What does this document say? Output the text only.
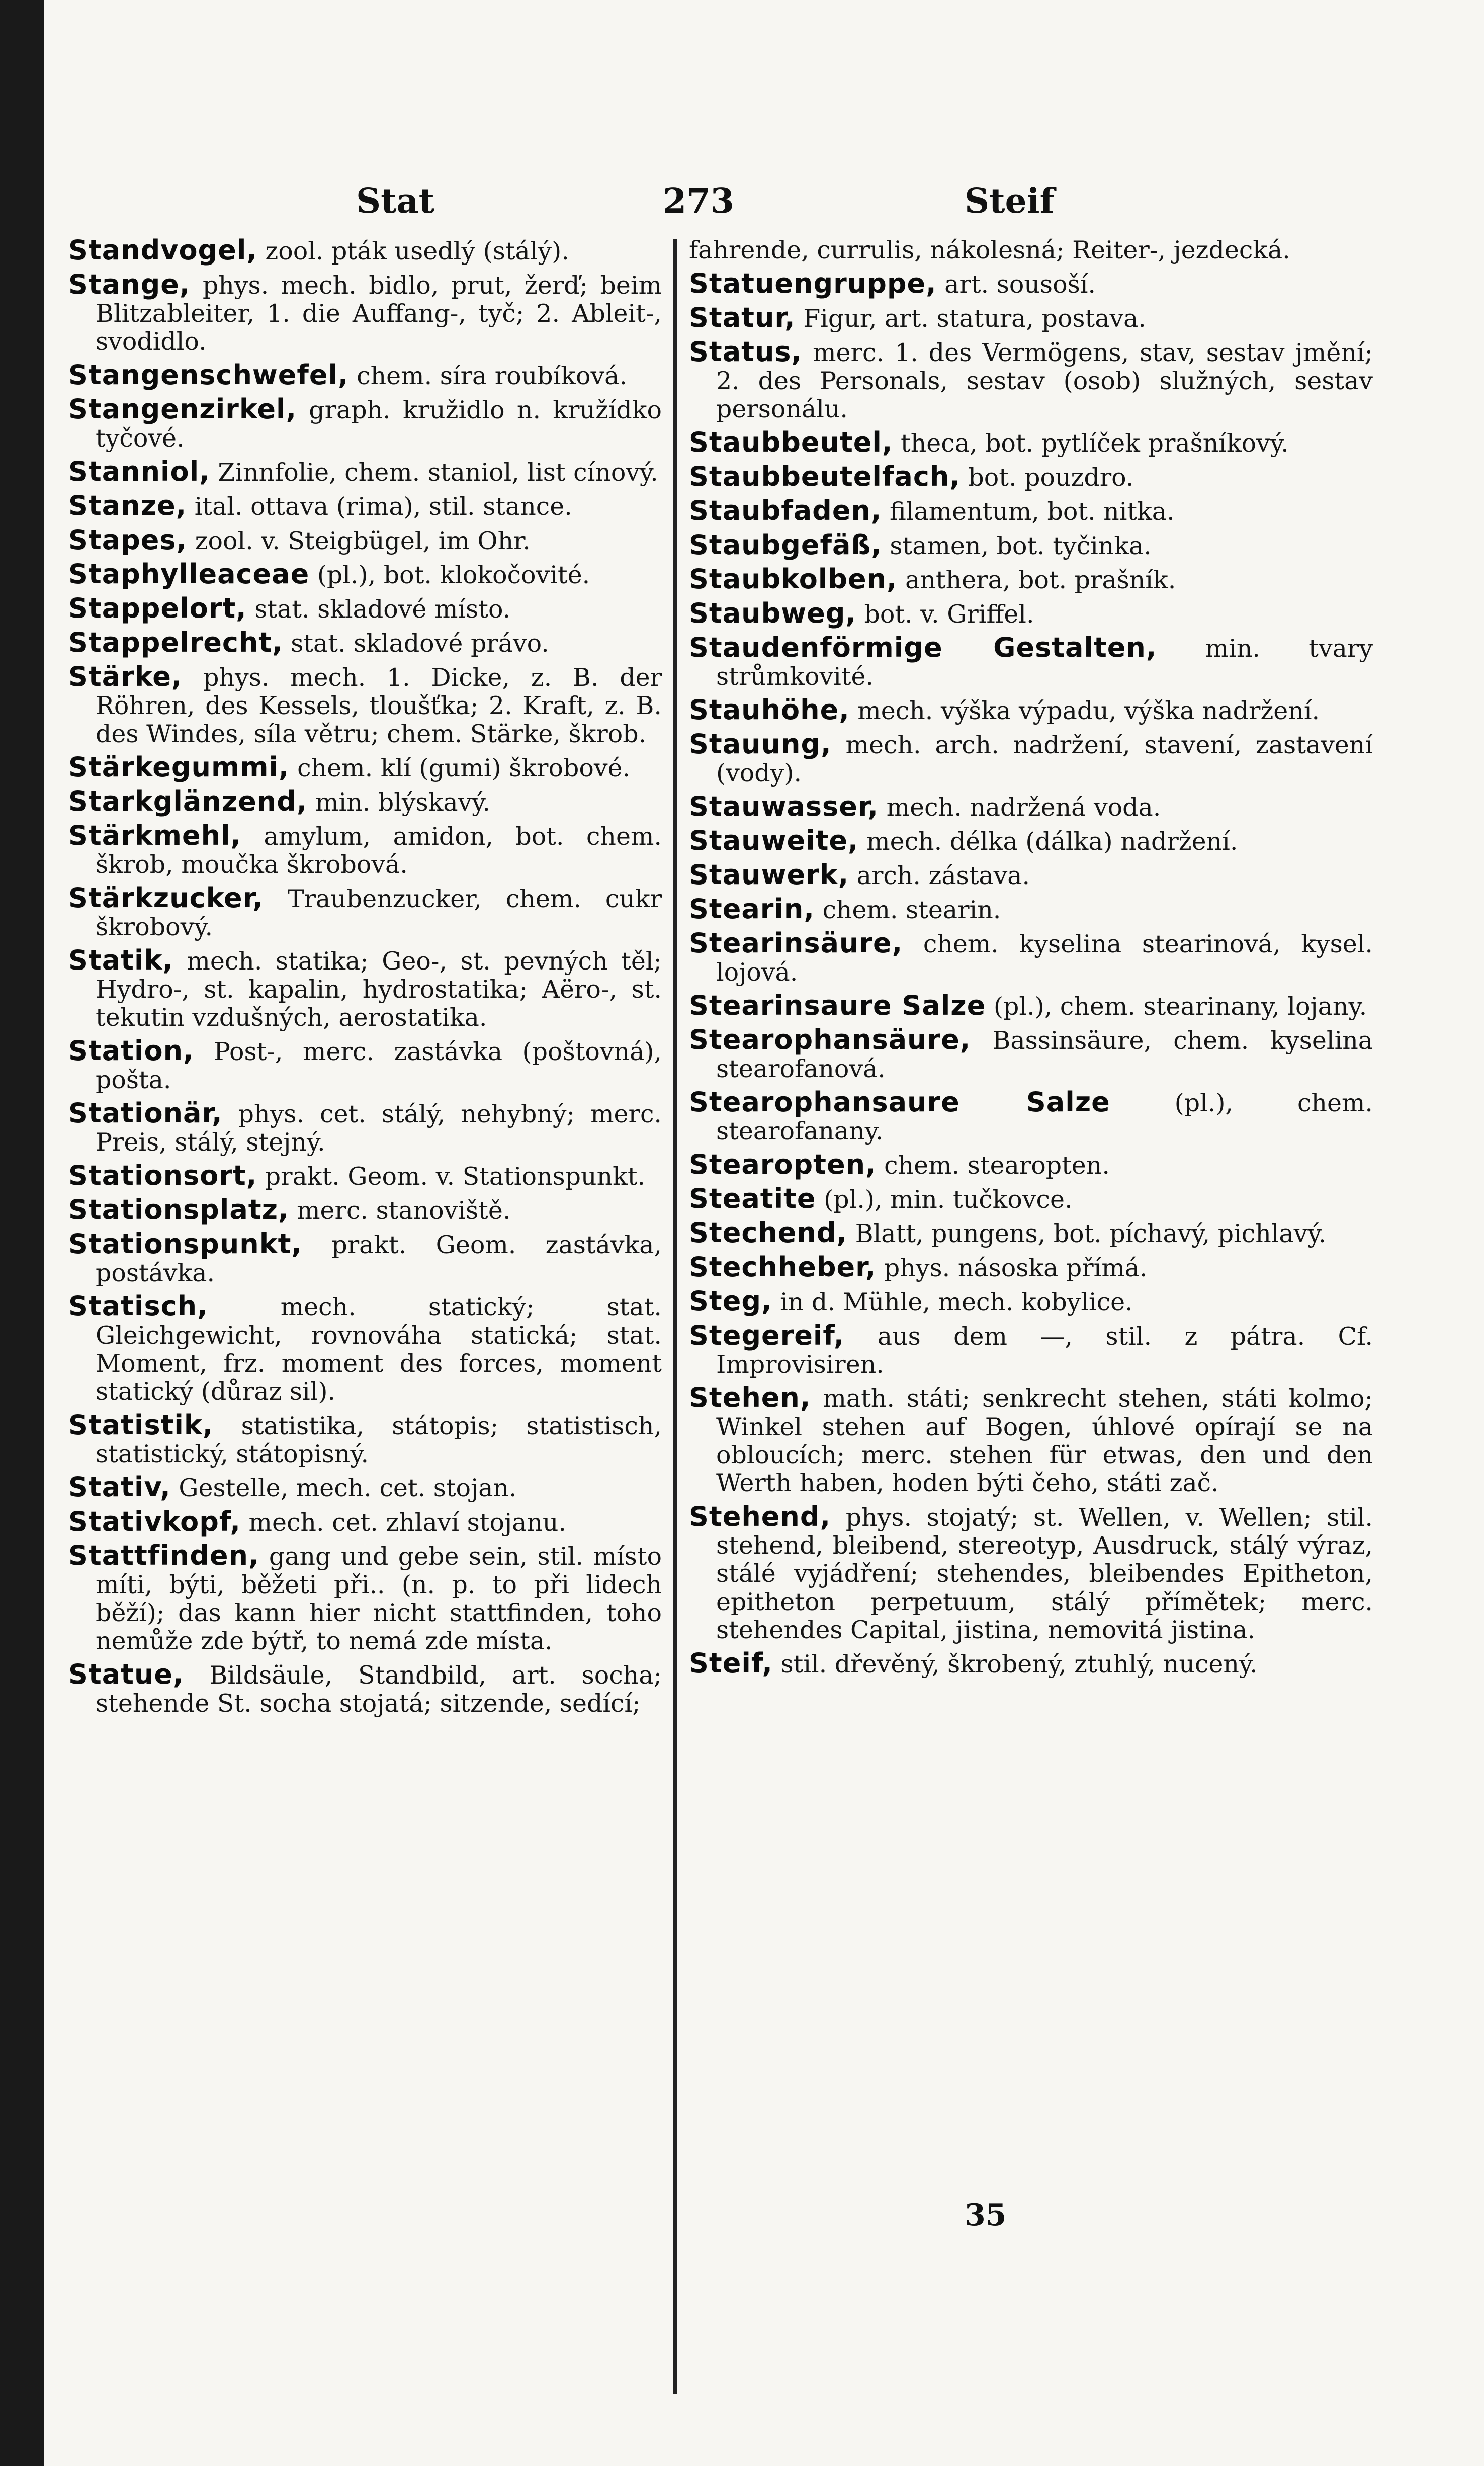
Stat	273	Steif

Standvogel, zool. pták usedlý (stálý).

Stange, phys. mech. bidlo, prut, žerď; beim Blitzableiter, 1. die Auffang-, tyč; 2. Ableit-, svodidlo.

Stangenschwefel, chem. síra roubíková.

Stangenzirkel, graph. kružidlo n. kružídko tyčové.

Stanniol, Zinnfolie, chem. staniol, list cínový.

Stanze, ital. ottava (rima), stil. stance.

Stapes, zool. v. Steigbügel, im Ohr.

Staphylleaceae (pl.), bot. klokočovité.

Stappelort, stat. skladové místo.

Stappelrecht, stat. skladové právo.

Stärke, phys. mech. 1. Dicke, z. B. der Röhren, des Kessels, tloušťka; 2. Kraft, z. B. des Windes, síla větru; chem. Stärke, škrob.

Stärkegummi, chem. klí (gumi) škrobové.

Starkglänzend, min. blýskavý.

Stärkmehl, amylum, amidon, bot. chem. škrob, moučka škrobová.

Stärkzucker, Traubenzucker, chem. cukr škrobový.

Statik, mech. statika; Geo-, st. pevných těl; Hydro-, st. kapalin, hydrostatika; Aëro-, st. tekutin vzdušných, aerostatika.

Station, Post-, merc. zastávka (poštovná), pošta.

Stationär, phys. cet. stálý, nehybný; merc. Preis, stálý, stejný.

Stationsort, prakt. Geom. v. Stationspunkt.

Stationsplatz, merc. stanoviště.

Stationspunkt, prakt. Geom. zastávka, postávka.

Statisch,	mech. statický; stat. Gleichgewicht, rovnováha statická; stat. Moment, frz. moment des forces, moment statický (důraz sil).

Statistik, statistika, státopis; statistisch, statistický, státopisný.

Stativ, Gestelle, mech. cet. stojan.

Stativkopf, mech. cet. zhlaví stojanu.

Stattfinden, gang und gebe sein, stil. místo míti, býti, běžeti při.. (n. p. to při lidech běží); das kann hier nicht stattfinden, toho nemůže zde býtř, to nemá zde místa.

Statue, Bildsäule, Standbild, art. socha; stehende St. socha stojatá; sitzende, sedící;

fahrende, currulis, nákolesná; Reiter-, jezdecká.

Statuengruppe, art. sousoší.

Statur, Figur, art. statura, postava.

Status, merc. 1. des Vermögens, stav, sestav jmění; 2. des Personals, sestav (osob) služných, sestav personálu.

Staubbeutel, theca, bot. pytlíček prašníkový.

Staubbeutelfach, bot. pouzdro.

Staubfaden, filamentum, bot. nitka.

Staubgefäß, stamen, bot. tyčinka.

Staubkolben, anthera, bot. prašník.

Staubweg, bot. v. Griffel.

Staudenförmige Gestalten, min. tvary strůmkovité.

Stauhöhe, mech. výška výpadu, výška nadržení.

Stauung, mech. arch. nadržení, stavení, zastavení (vody).

Stauwasser, mech. nadržená voda.

Stauweite, mech. délka (dálka) nadržení.

Stauwerk, arch. zástava.

Stearin, chem. stearin.

Stearinsäure, chem. kyselina stearinová, kysel. lojová.

Stearinsaure Salze (pl.), chem. stearinany, lojany.

Stearophansäure, Bassinsäure, chem. kyselina stearofanová.

Stearophansaure Salze	(pl.), chem. stearofanany.

Stearopten, chem. stearopten.

Steatite (pl.), min. tučkovce.

Stechend, Blatt, pungens, bot. píchavý, pichlavý.

Stechheber, phys. násoska přímá.

Steg, in d. Mühle, mech. kobylice.

Stegereif, aus dem —, stil. z pátra. Cf. Improvisiren.

Stehen, math. státi; senkrecht stehen, státi kolmo; Winkel stehen auf Bogen, úhlové opírají se na obloucích; merc. stehen für etwas, den und den Werth haben, hoden býti čeho, státi zač.

Stehend, phys. stojatý; st. Wellen, v. Wellen; stil. stehend, bleibend, stereotyp, Ausdruck, stálý výraz, stálé vyjádření; stehendes, bleibendes Epitheton, epitheton perpetuum, stálý přímětek; merc. stehendes Capital, jistina, nemovitá jistina.

Steif, stil. dřevěný, škrobený, ztuhlý, nucený.

35
